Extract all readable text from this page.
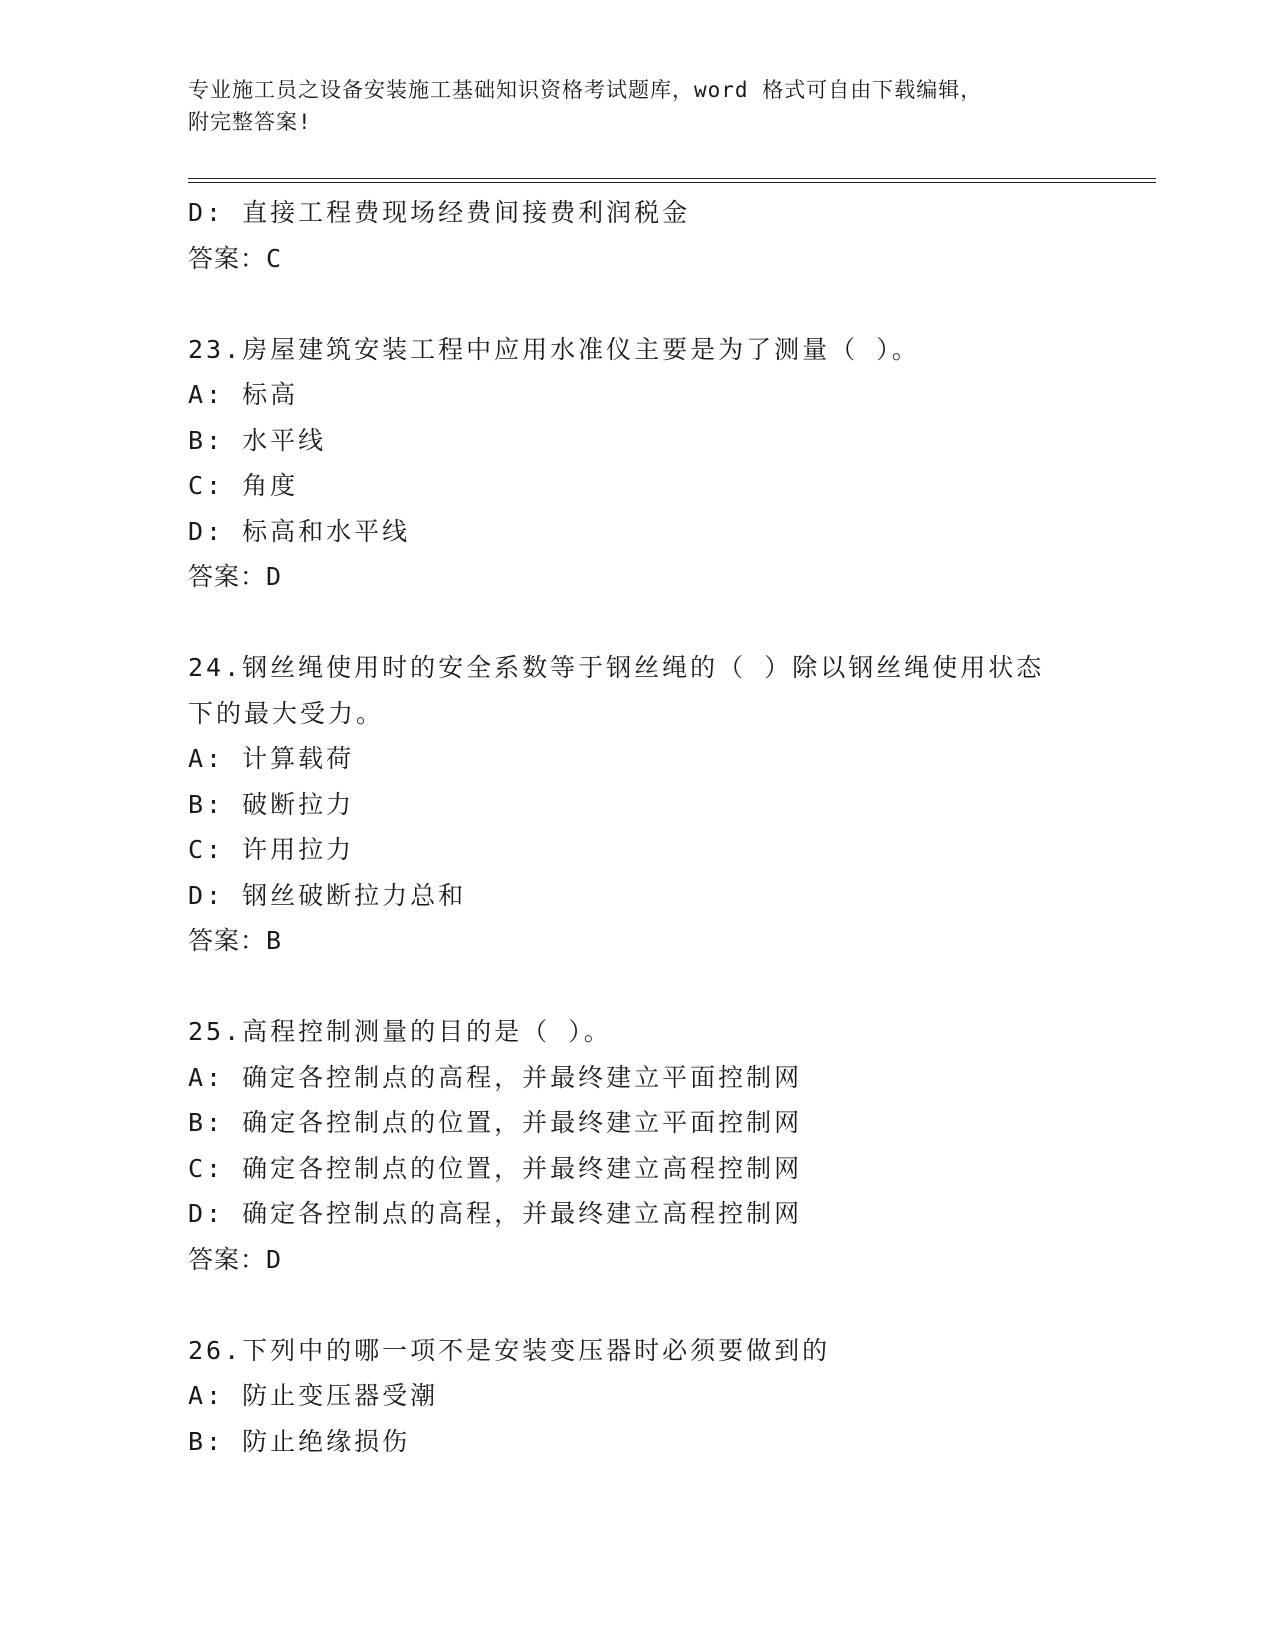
专业施工员之设备安装施工基础知识资格考试题库，word 格式可自由下载编辑，
附完整答案!
D: 直接工程费现场经费间接费利润税金
答案：C
23.房屋建筑安装工程中应用水准仪主要是为了测量（ ）。
A: 标高
B: 水平线
C: 角度
D: 标高和水平线
答案：D
24.钢丝绳使用时的安全系数等于钢丝绳的（ ）除以钢丝绳使用状态
下的最大受力。
A: 计算载荷
B: 破断拉力
C: 许用拉力
D: 钢丝破断拉力总和
答案：B
25.高程控制测量的目的是（ ）。
A: 确定各控制点的高程，并最终建立平面控制网
B: 确定各控制点的位置，并最终建立平面控制网
C: 确定各控制点的位置，并最终建立高程控制网
D: 确定各控制点的高程，并最终建立高程控制网
答案：D
26.下列中的哪一项不是安装变压器时必须要做到的
A: 防止变压器受潮
B: 防止绝缘损伤
